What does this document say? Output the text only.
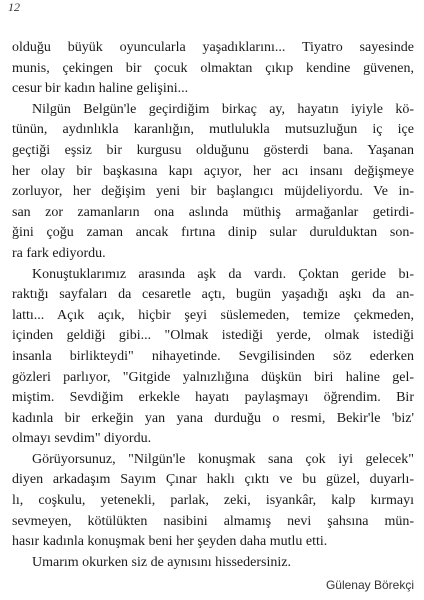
12
olduğu büyük oyuncularla yaşadıklarını... Tiyatro sayesinde
munis, çekingen bir çocuk olmaktan çıkıp kendine güvenen,
cesur bir kadın haline gelişini...
Nilgün Belgün'le geçirdiğim birkaç ay, hayatın iyiyle kö-
tünün, aydınlıkla karanlığın, mutlulukla mutsuzluğun iç içe
geçtiği eşsiz bir kurgusu olduğunu gösterdi bana. Yaşanan
her olay bir başkasına kapı açıyor, her acı insanı değişmeye
zorluyor, her değişim yeni bir başlangıcı müjdeliyordu. Ve in-
san zor zamanların ona aslında müthiş armağanlar getirdi-
ğini çoğu zaman ancak fırtına dinip sular durulduktan son-
ra fark ediyordu.
Konuştuklarımız arasında aşk da vardı. Çoktan geride bı-
raktığı sayfaları da cesaretle açtı, bugün yaşadığı aşkı da an-
lattı... Açık açık, hiçbir şeyi süslemeden, temize çekmeden,
içinden geldiği gibi... "Olmak istediği yerde, olmak istediği
insanla birlikteydi" nihayetinde. Sevgilisinden söz ederken
gözleri parlıyor, "Gitgide yalnızlığına düşkün biri haline gel-
miştim. Sevdiğim erkekle hayatı paylaşmayı öğrendim. Bir
kadınla bir erkeğin yan yana durduğu o resmi, Bekir'le 'biz'
olmayı sevdim" diyordu.
Görüyorsunuz, "Nilgün'le konuşmak sana çok iyi gelecek"
diyen arkadaşım Sayım Çınar haklı çıktı ve bu güzel, duyarlı-
lı, coşkulu, yetenekli, parlak, zeki, isyankâr, kalp kırmayı
sevmeyen, kötülükten nasibini almamış nevi şahsına mün-
hasır kadınla konuşmak beni her şeyden daha mutlu etti.
Umarım okurken siz de aynısını hissedersiniz.
Gülenay Börekçi
